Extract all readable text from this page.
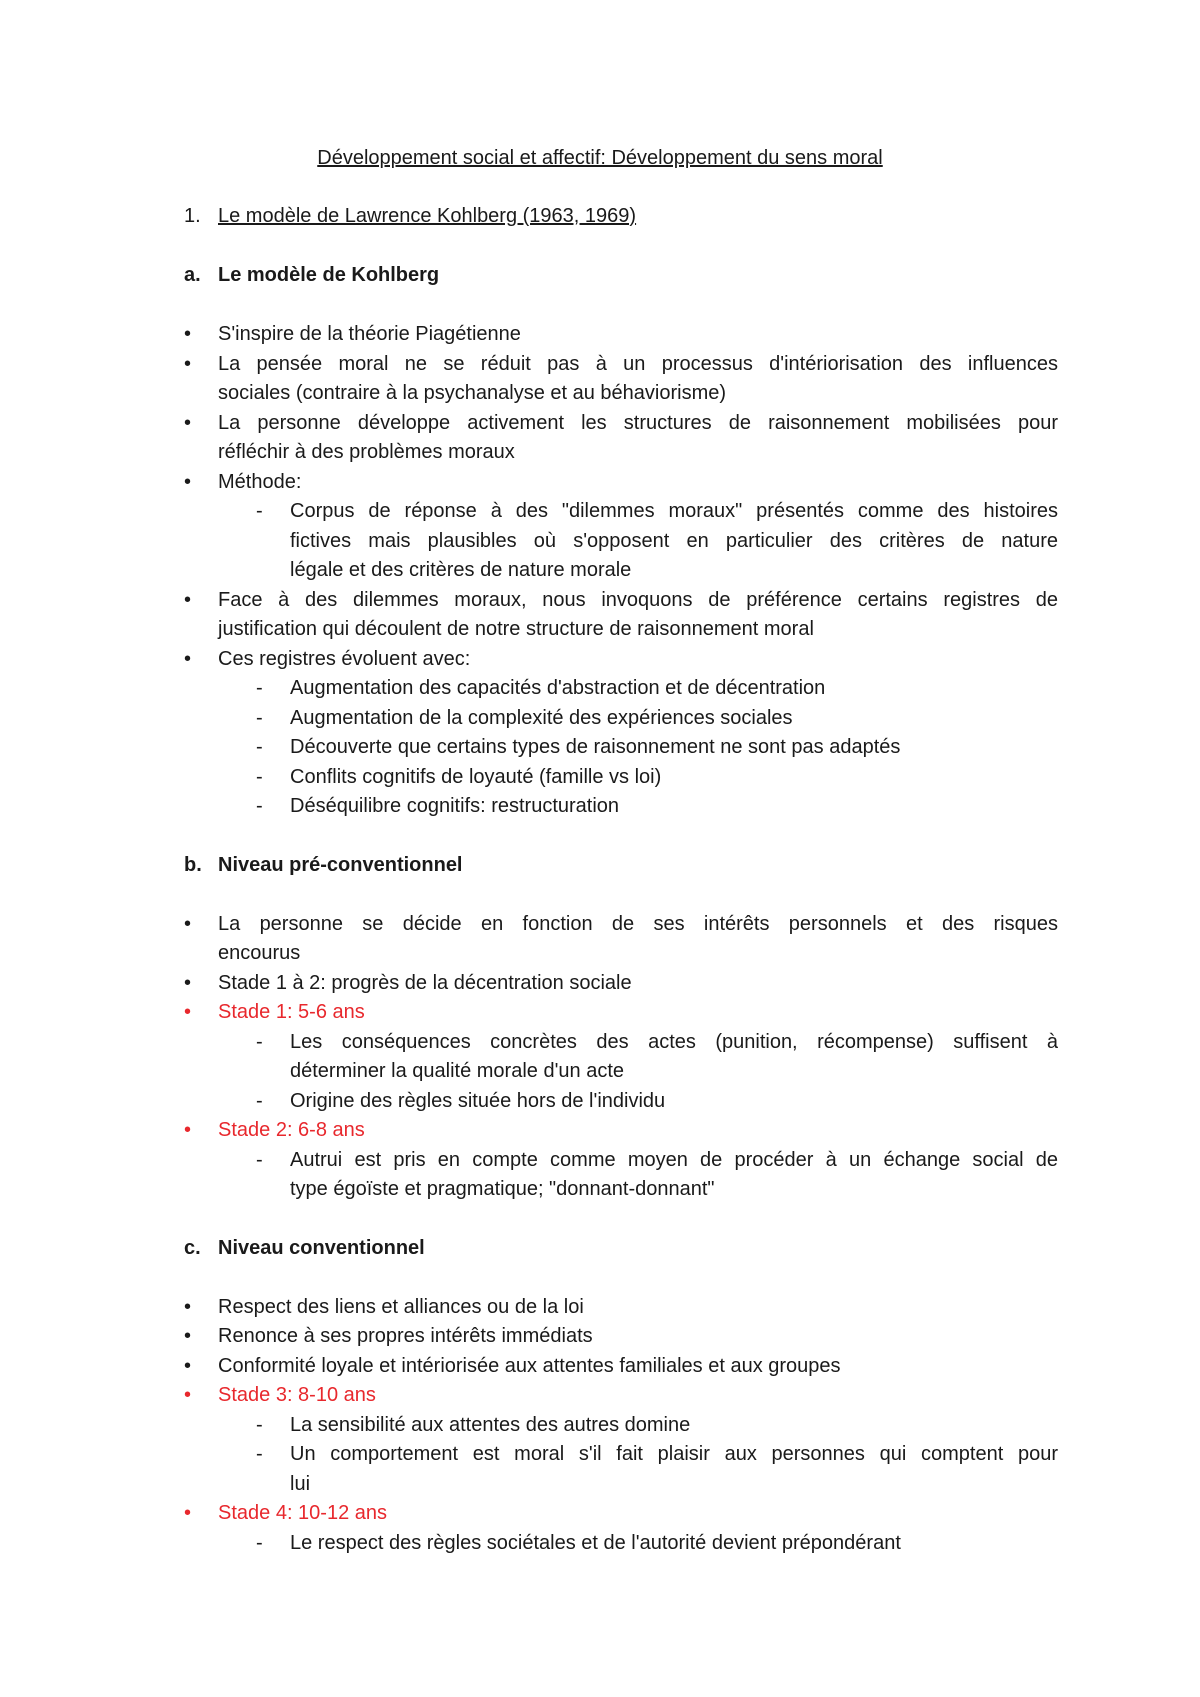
Développement social et affectif: Développement du sens moral
1. Le modèle de Lawrence Kohlberg (1963, 1969)
a. Le modèle de Kohlberg
• S'inspire de la théorie Piagétienne
• La pensée moral ne se réduit pas à un processus d'intériorisation des influences
sociales (contraire à la psychanalyse et au béhaviorisme)
• La personne développe activement les structures de raisonnement mobilisées pour
réfléchir à des problèmes moraux
• Méthode:
- Corpus de réponse à des "dilemmes moraux" présentés comme des histoires
fictives mais plausibles où s'opposent en particulier des critères de nature
légale et des critères de nature morale
• Face à des dilemmes moraux, nous invoquons de préférence certains registres de
justification qui découlent de notre structure de raisonnement moral
• Ces registres évoluent avec:
- Augmentation des capacités d'abstraction et de décentration
- Augmentation de la complexité des expériences sociales
- Découverte que certains types de raisonnement ne sont pas adaptés
- Conflits cognitifs de loyauté (famille vs loi)
- Déséquilibre cognitifs: restructuration
b. Niveau pré-conventionnel
• La personne se décide en fonction de ses intérêts personnels et des risques
encourus
• Stade 1 à 2: progrès de la décentration sociale
• Stade 1: 5-6 ans
- Les conséquences concrètes des actes (punition, récompense) suffisent à
déterminer la qualité morale d'un acte
- Origine des règles située hors de l'individu
• Stade 2: 6-8 ans
- Autrui est pris en compte comme moyen de procéder à un échange social de
type égoïste et pragmatique; "donnant-donnant"
c. Niveau conventionnel
• Respect des liens et alliances ou de la loi
• Renonce à ses propres intérêts immédiats
• Conformité loyale et intériorisée aux attentes familiales et aux groupes
• Stade 3: 8-10 ans
- La sensibilité aux attentes des autres domine
- Un comportement est moral s'il fait plaisir aux personnes qui comptent pour
lui
• Stade 4: 10-12 ans
- Le respect des règles sociétales et de l'autorité devient prépondérant
